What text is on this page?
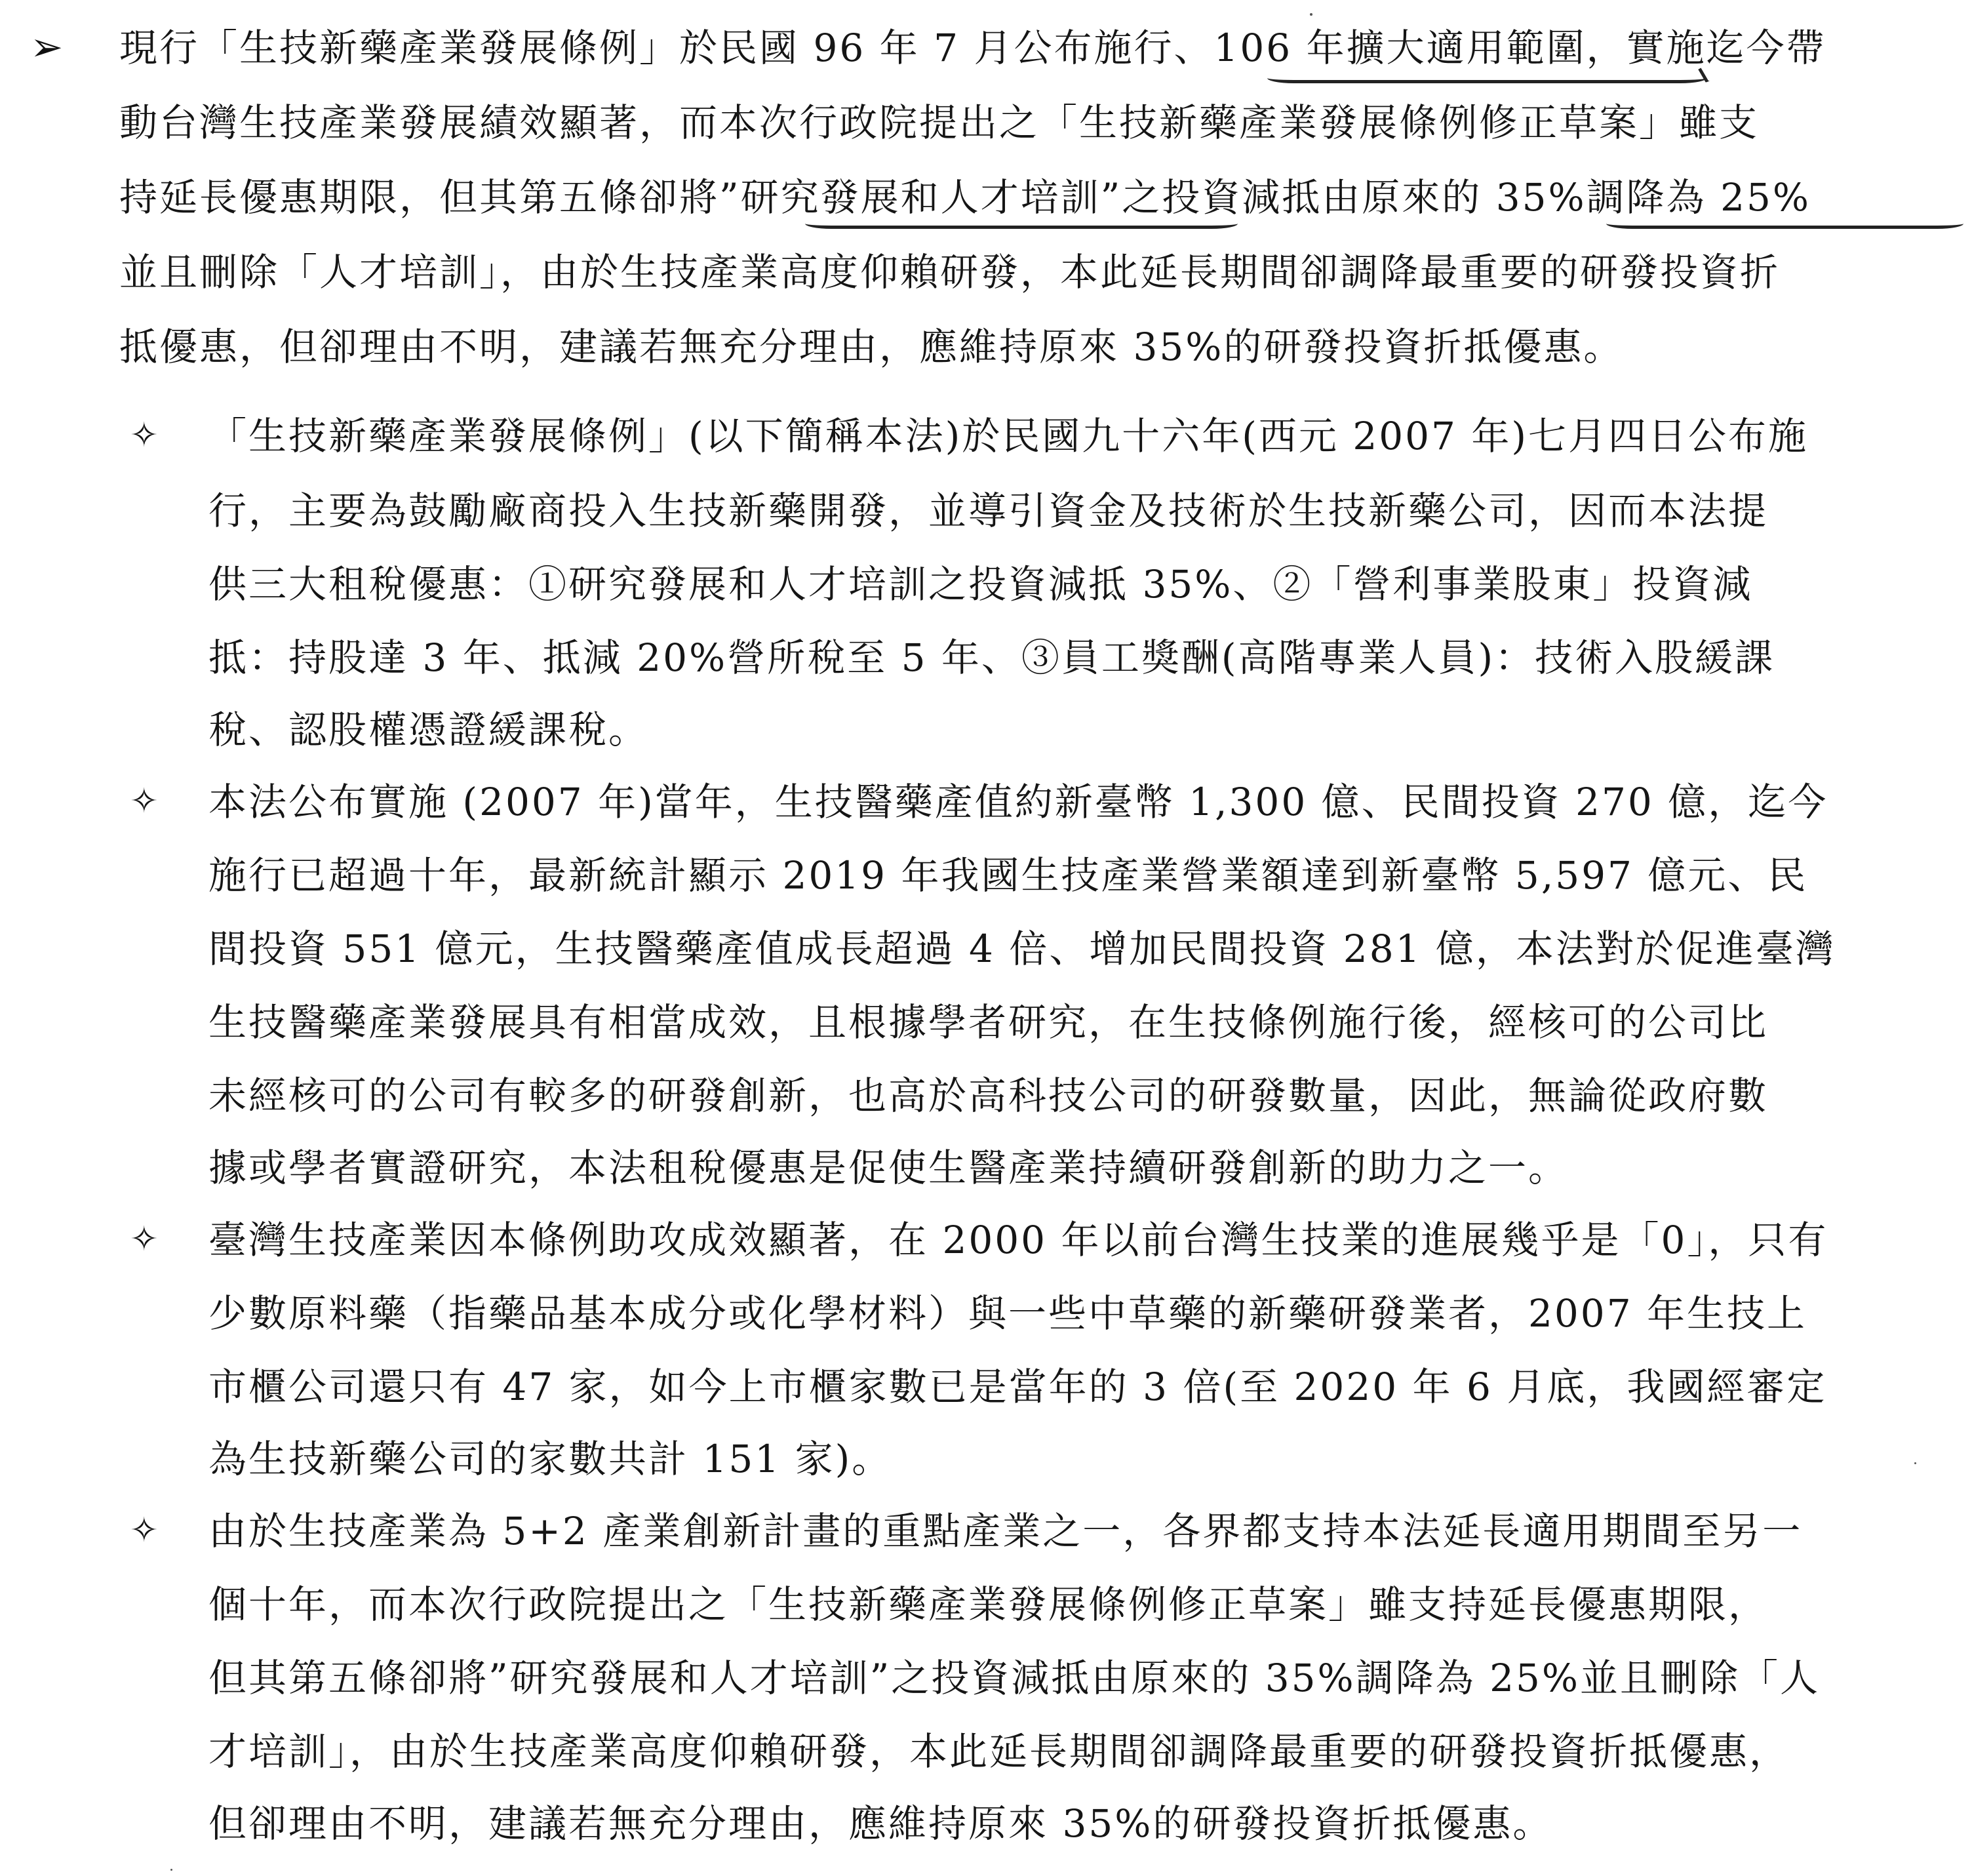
➢ 現行「生技新藥產業發展條例」於民國 96 年 7 月公布施行、106 年擴大適用範圍，實施迄今帶
動台灣生技產業發展績效顯著，而本次行政院提出之「生技新藥產業發展條例修正草案」雖支
持延長優惠期限，但其第五條卻將”研究發展和人才培訓”之投資減抵由原來的 35%調降為 25%
並且刪除「人才培訓」，由於生技產業高度仰賴研發，本此延長期間卻調降最重要的研發投資折
抵優惠，但卻理由不明，建議若無充分理由，應維持原來 35%的研發投資折抵優惠。
✧ 「生技新藥產業發展條例」(以下簡稱本法)於民國九十六年(西元 2007 年)七月四日公布施
行，主要為鼓勵廠商投入生技新藥開發，並導引資金及技術於生技新藥公司，因而本法提
供三大租稅優惠：①研究發展和人才培訓之投資減抵 35%、②「營利事業股東」投資減
抵：持股達 3 年、抵減 20%營所稅至 5 年、③員工獎酬(高階專業人員)：技術入股緩課
稅、認股權憑證緩課稅。
✧ 本法公布實施 (2007 年)當年，生技醫藥產值約新臺幣 1,300 億、民間投資 270 億，迄今
施行已超過十年，最新統計顯示 2019 年我國生技產業營業額達到新臺幣 5,597 億元、民
間投資 551 億元，生技醫藥產值成長超過 4 倍、增加民間投資 281 億，本法對於促進臺灣
生技醫藥產業發展具有相當成效，且根據學者研究，在生技條例施行後，經核可的公司比
未經核可的公司有較多的研發創新，也高於高科技公司的研發數量，因此，無論從政府數
據或學者實證研究，本法租稅優惠是促使生醫產業持續研發創新的助力之一。
✧ 臺灣生技產業因本條例助攻成效顯著，在 2000 年以前台灣生技業的進展幾乎是「0」，只有
少數原料藥（指藥品基本成分或化學材料）與一些中草藥的新藥研發業者，2007 年生技上
市櫃公司還只有 47 家，如今上市櫃家數已是當年的 3 倍(至 2020 年 6 月底，我國經審定
為生技新藥公司的家數共計 151 家)。
✧ 由於生技產業為 5+2 產業創新計畫的重點產業之一，各界都支持本法延長適用期間至另一
個十年，而本次行政院提出之「生技新藥產業發展條例修正草案」雖支持延長優惠期限，
但其第五條卻將”研究發展和人才培訓”之投資減抵由原來的 35%調降為 25%並且刪除「人
才培訓」，由於生技產業高度仰賴研發，本此延長期間卻調降最重要的研發投資折抵優惠，
但卻理由不明，建議若無充分理由，應維持原來 35%的研發投資折抵優惠。
